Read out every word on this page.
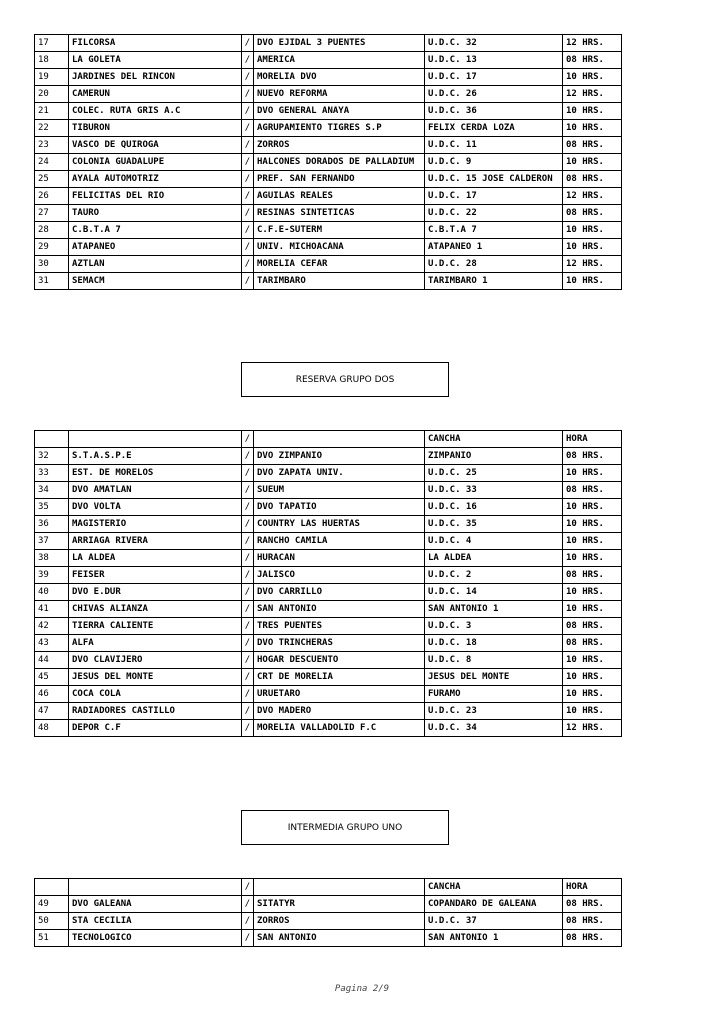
17	FILCORSA	/	DVO EJIDAL 3 PUENTES	U.D.C. 32	12 HRS.
18	LA GOLETA	/	AMERICA	U.D.C. 13	08 HRS.
19	JARDINES DEL RINCON	/	MORELIA DVO	U.D.C. 17	10 HRS.
20	CAMERUN	/	NUEVO REFORMA	U.D.C. 26	12 HRS.
21	COLEC. RUTA GRIS A.C	/	DVO GENERAL ANAYA	U.D.C. 36	10 HRS.
22	TIBURON	/	AGRUPAMIENTO TIGRES S.P	FELIX CERDA LOZA	10 HRS.
23	VASCO DE QUIROGA	/	ZORROS	U.D.C. 11	08 HRS.
24	COLONIA GUADALUPE	/	HALCONES DORADOS DE PALLADIUM	U.D.C. 9	10 HRS.
25	AYALA AUTOMOTRIZ	/	PREF. SAN FERNANDO	U.D.C. 15 JOSE CALDERON	08 HRS.
26	FELICITAS DEL RIO	/	AGUILAS REALES	U.D.C. 17	12 HRS.
27	TAURO	/	RESINAS SINTETICAS	U.D.C. 22	08 HRS.
28	C.B.T.A 7	/	C.F.E-SUTERM	C.B.T.A 7	10 HRS.
29	ATAPANEO	/	UNIV. MICHOACANA	ATAPANEO 1	10 HRS.
30	AZTLAN	/	MORELIA CEFAR	U.D.C. 28	12 HRS.
31	SEMACM	/	TARIMBARO	TARIMBARO 1	10 HRS.
RESERVA GRUPO DOS
		/		CANCHA	HORA
32	S.T.A.S.P.E	/	DVO ZIMPANIO	ZIMPANIO	08 HRS.
33	EST. DE MORELOS	/	DVO ZAPATA UNIV.	U.D.C. 25	10 HRS.
34	DVO AMATLAN	/	SUEUM	U.D.C. 33	08 HRS.
35	DVO VOLTA	/	DVO TAPATIO	U.D.C. 16	10 HRS.
36	MAGISTERIO	/	COUNTRY LAS HUERTAS	U.D.C. 35	10 HRS.
37	ARRIAGA RIVERA	/	RANCHO CAMILA	U.D.C. 4	10 HRS.
38	LA ALDEA	/	HURACAN	LA ALDEA	10 HRS.
39	FEISER	/	JALISCO	U.D.C. 2	08 HRS.
40	DVO E.DUR	/	DVO CARRILLO	U.D.C. 14	10 HRS.
41	CHIVAS ALIANZA	/	SAN ANTONIO	SAN ANTONIO 1	10 HRS.
42	TIERRA CALIENTE	/	TRES PUENTES	U.D.C. 3	08 HRS.
43	ALFA	/	DVO TRINCHERAS	U.D.C. 18	08 HRS.
44	DVO CLAVIJERO	/	HOGAR DESCUENTO	U.D.C. 8	10 HRS.
45	JESUS DEL MONTE	/	CRT DE MORELIA	JESUS DEL MONTE	10 HRS.
46	COCA COLA	/	URUETARO	FURAMO	10 HRS.
47	RADIADORES CASTILLO	/	DVO MADERO	U.D.C. 23	10 HRS.
48	DEPOR C.F	/	MORELIA VALLADOLID F.C	U.D.C. 34	12 HRS.
INTERMEDIA GRUPO UNO
		/		CANCHA	HORA
49	DVO GALEANA	/	SITATYR	COPANDARO DE GALEANA	08 HRS.
50	STA CECILIA	/	ZORROS	U.D.C. 37	08 HRS.
51	TECNOLOGICO	/	SAN ANTONIO	SAN ANTONIO 1	08 HRS.
Pagina 2/9
